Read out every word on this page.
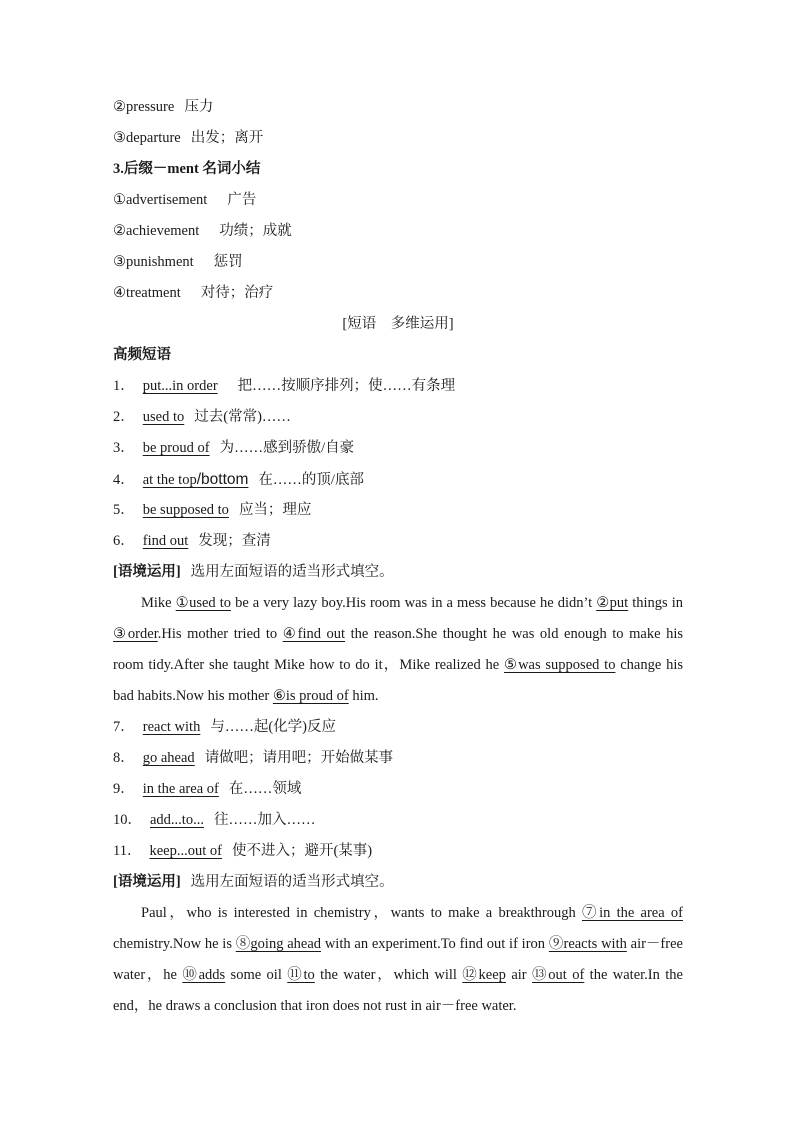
②pressure 压力
③departure 出发；离开
3.后缀－ment 名词小结
①advertisement 广告
②achievement 功绩；成就
③punishment 惩罚
④treatment 对待；治疗
[短语　多维运用]
高频短语
1． put...in order 把……按顺序排列；使……有条理
2． used to 过去(常常)……
3． be proud of 为……感到骄傲/自豪
4． at the top/bottom 在……的顶/底部
5． be supposed to 应当；理应
6． find out 发现；查清
[语境运用] 选用左面短语的适当形式填空。

Mike ①used to be a very lazy boy.His room was in a mess because he didn’t ②put things in ③order.His mother tried to ④find out the reason.She thought he was old enough to make his room tidy.After she taught Mike how to do it，Mike realized he ⑤was supposed to change his bad habits.Now his mother ⑥is proud of him.

7． react with 与……起(化学)反应
8． go ahead 请做吧；请用吧；开始做某事
9． in the area of 在……领域
10． add...to... 往……加入……
11． keep...out of 使不进入；避开(某事)
[语境运用] 选用左面短语的适当形式填空。

Paul，who is interested in chemistry，wants to make a breakthrough ⑦in the area of chemistry.Now he is ⑧going ahead with an experiment.To find out if iron ⑨reacts with air－free water，he ⑩adds some oil ⑪to the water，which will ⑫keep air ⑬out of the water.In the end，he draws a conclusion that iron does not rust in air－free water.
